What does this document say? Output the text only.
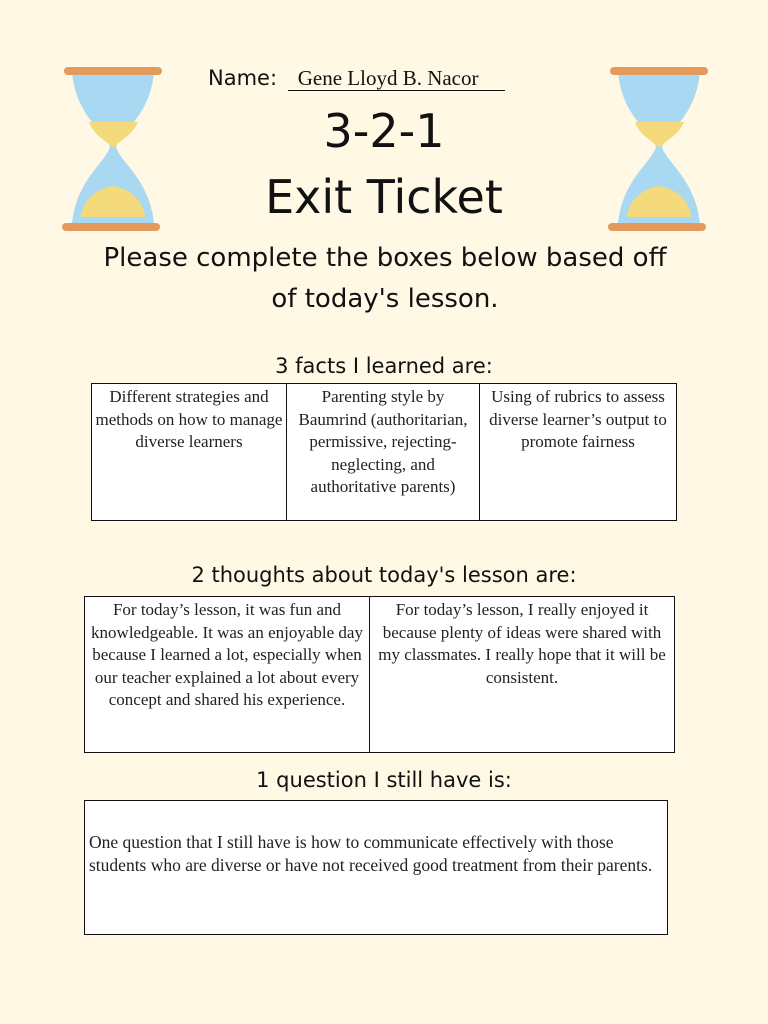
Name: Gene Lloyd B. Nacor
3-2-1
Exit Ticket
Please complete the boxes below based off of today's lesson.
3 facts I learned are:
Different strategies and methods on how to manage diverse learners	Parenting style by Baumrind (authoritarian, permissive, rejecting-neglecting, and authoritative parents)	Using of rubrics to assess diverse learner’s output to promote fairness
2 thoughts about today's lesson are:
For today’s lesson, it was fun and knowledgeable. It was an enjoyable day because I learned a lot, especially when our teacher explained a lot about every concept and shared his experience.	For today’s lesson, I really enjoyed it because plenty of ideas were shared with my classmates. I really hope that it will be consistent.
1 question I still have is:
One question that I still have is how to communicate effectively with those students who are diverse or have not received good treatment from their parents.
